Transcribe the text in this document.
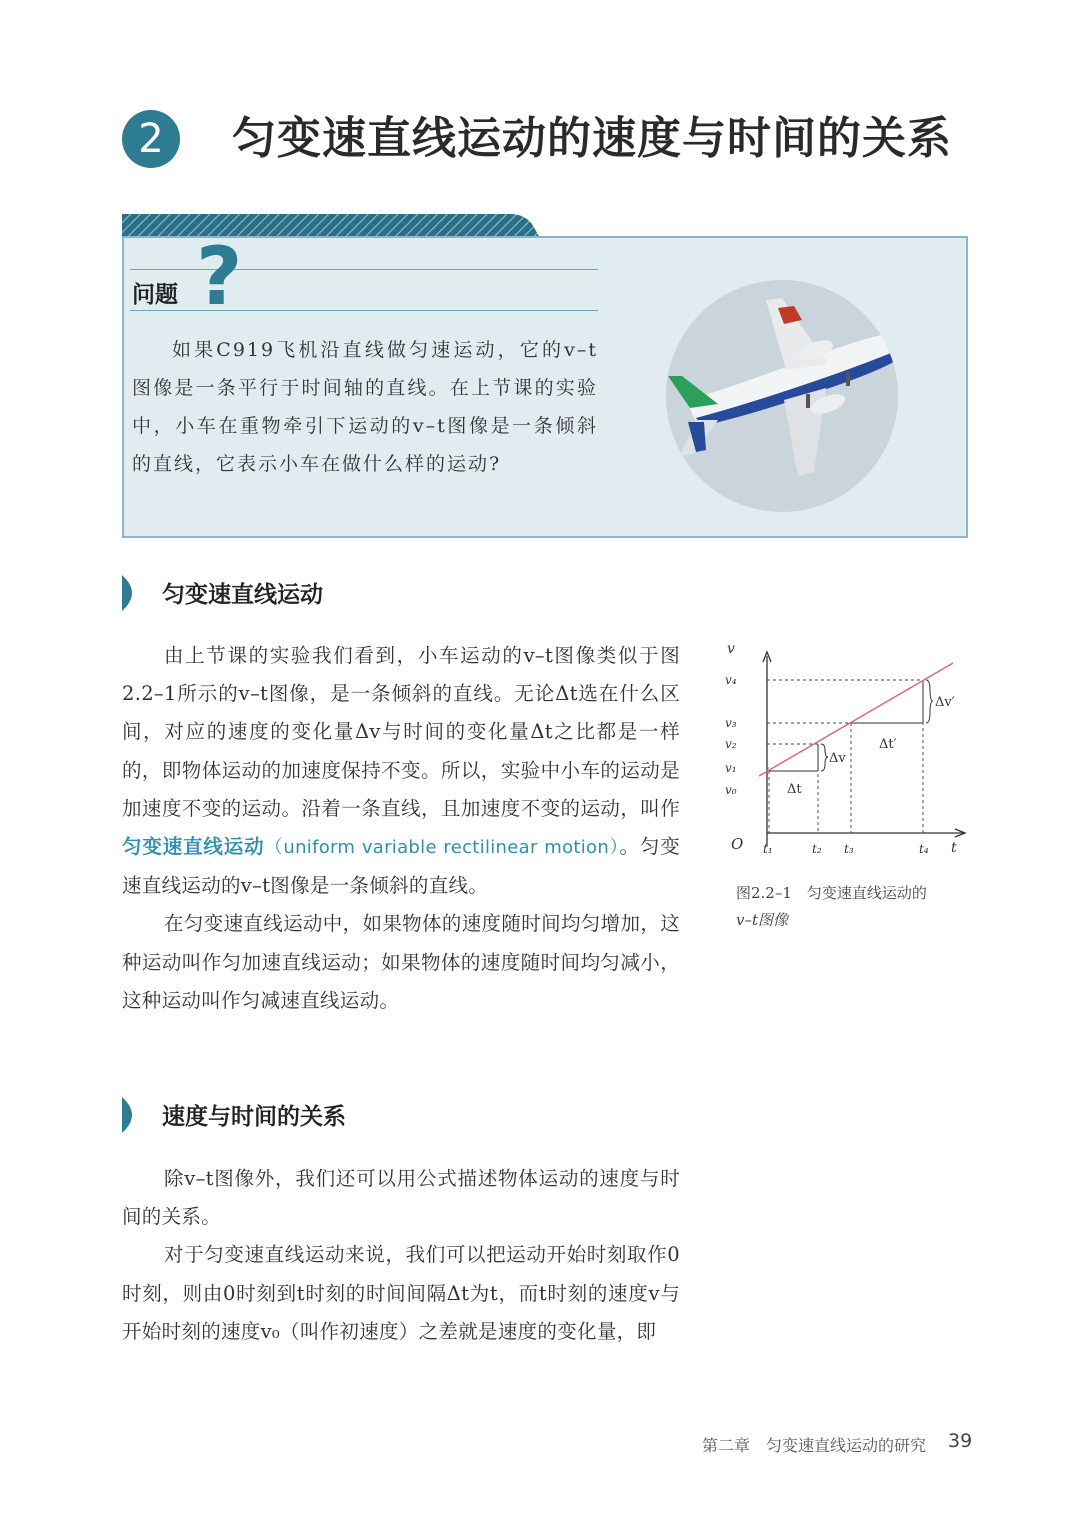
2	匀变速直线运动的速度与时间的关系
问题 ?
如果C919飞机沿直线做匀速运动，它的v–t图像是一条平行于时间轴的直线。在上节课的实验中，小车在重物牵引下运动的v–t图像是一条倾斜的直线，它表示小车在做什么样的运动?
匀变速直线运动

由上节课的实验我们看到，小车运动的v–t图像类似于图2.2–1所示的v–t图像，是一条倾斜的直线。无论Δt选在什么区间，对应的速度的变化量Δv与时间的变化量Δt之比都是一样的，即物体运动的加速度保持不变。所以，实验中小车的运动是加速度不变的运动。沿着一条直线，且加速度不变的运动，叫作匀变速直线运动（uniform variable rectilinear motion）。匀变速直线运动的v–t图像是一条倾斜的直线。

在匀变速直线运动中，如果物体的速度随时间均匀增加，这种运动叫作匀加速直线运动；如果物体的速度随时间均匀减小，这种运动叫作匀减速直线运动。

v
t
O
v₄
v₃
v₂
v₁
v₀
t₁	t₂ t₃	t₄
Δv
Δt
Δv′
Δt′
图2.2–1　匀变速直线运动的
v–t图像
速度与时间的关系

除v–t图像外，我们还可以用公式描述物体运动的速度与时间的关系。

对于匀变速直线运动来说，我们可以把运动开始时刻取作0时刻，则由0时刻到t时刻的时间间隔Δt为t，而t时刻的速度v与开始时刻的速度v₀（叫作初速度）之差就是速度的变化量，即

第二章　匀变速直线运动的研究 39
